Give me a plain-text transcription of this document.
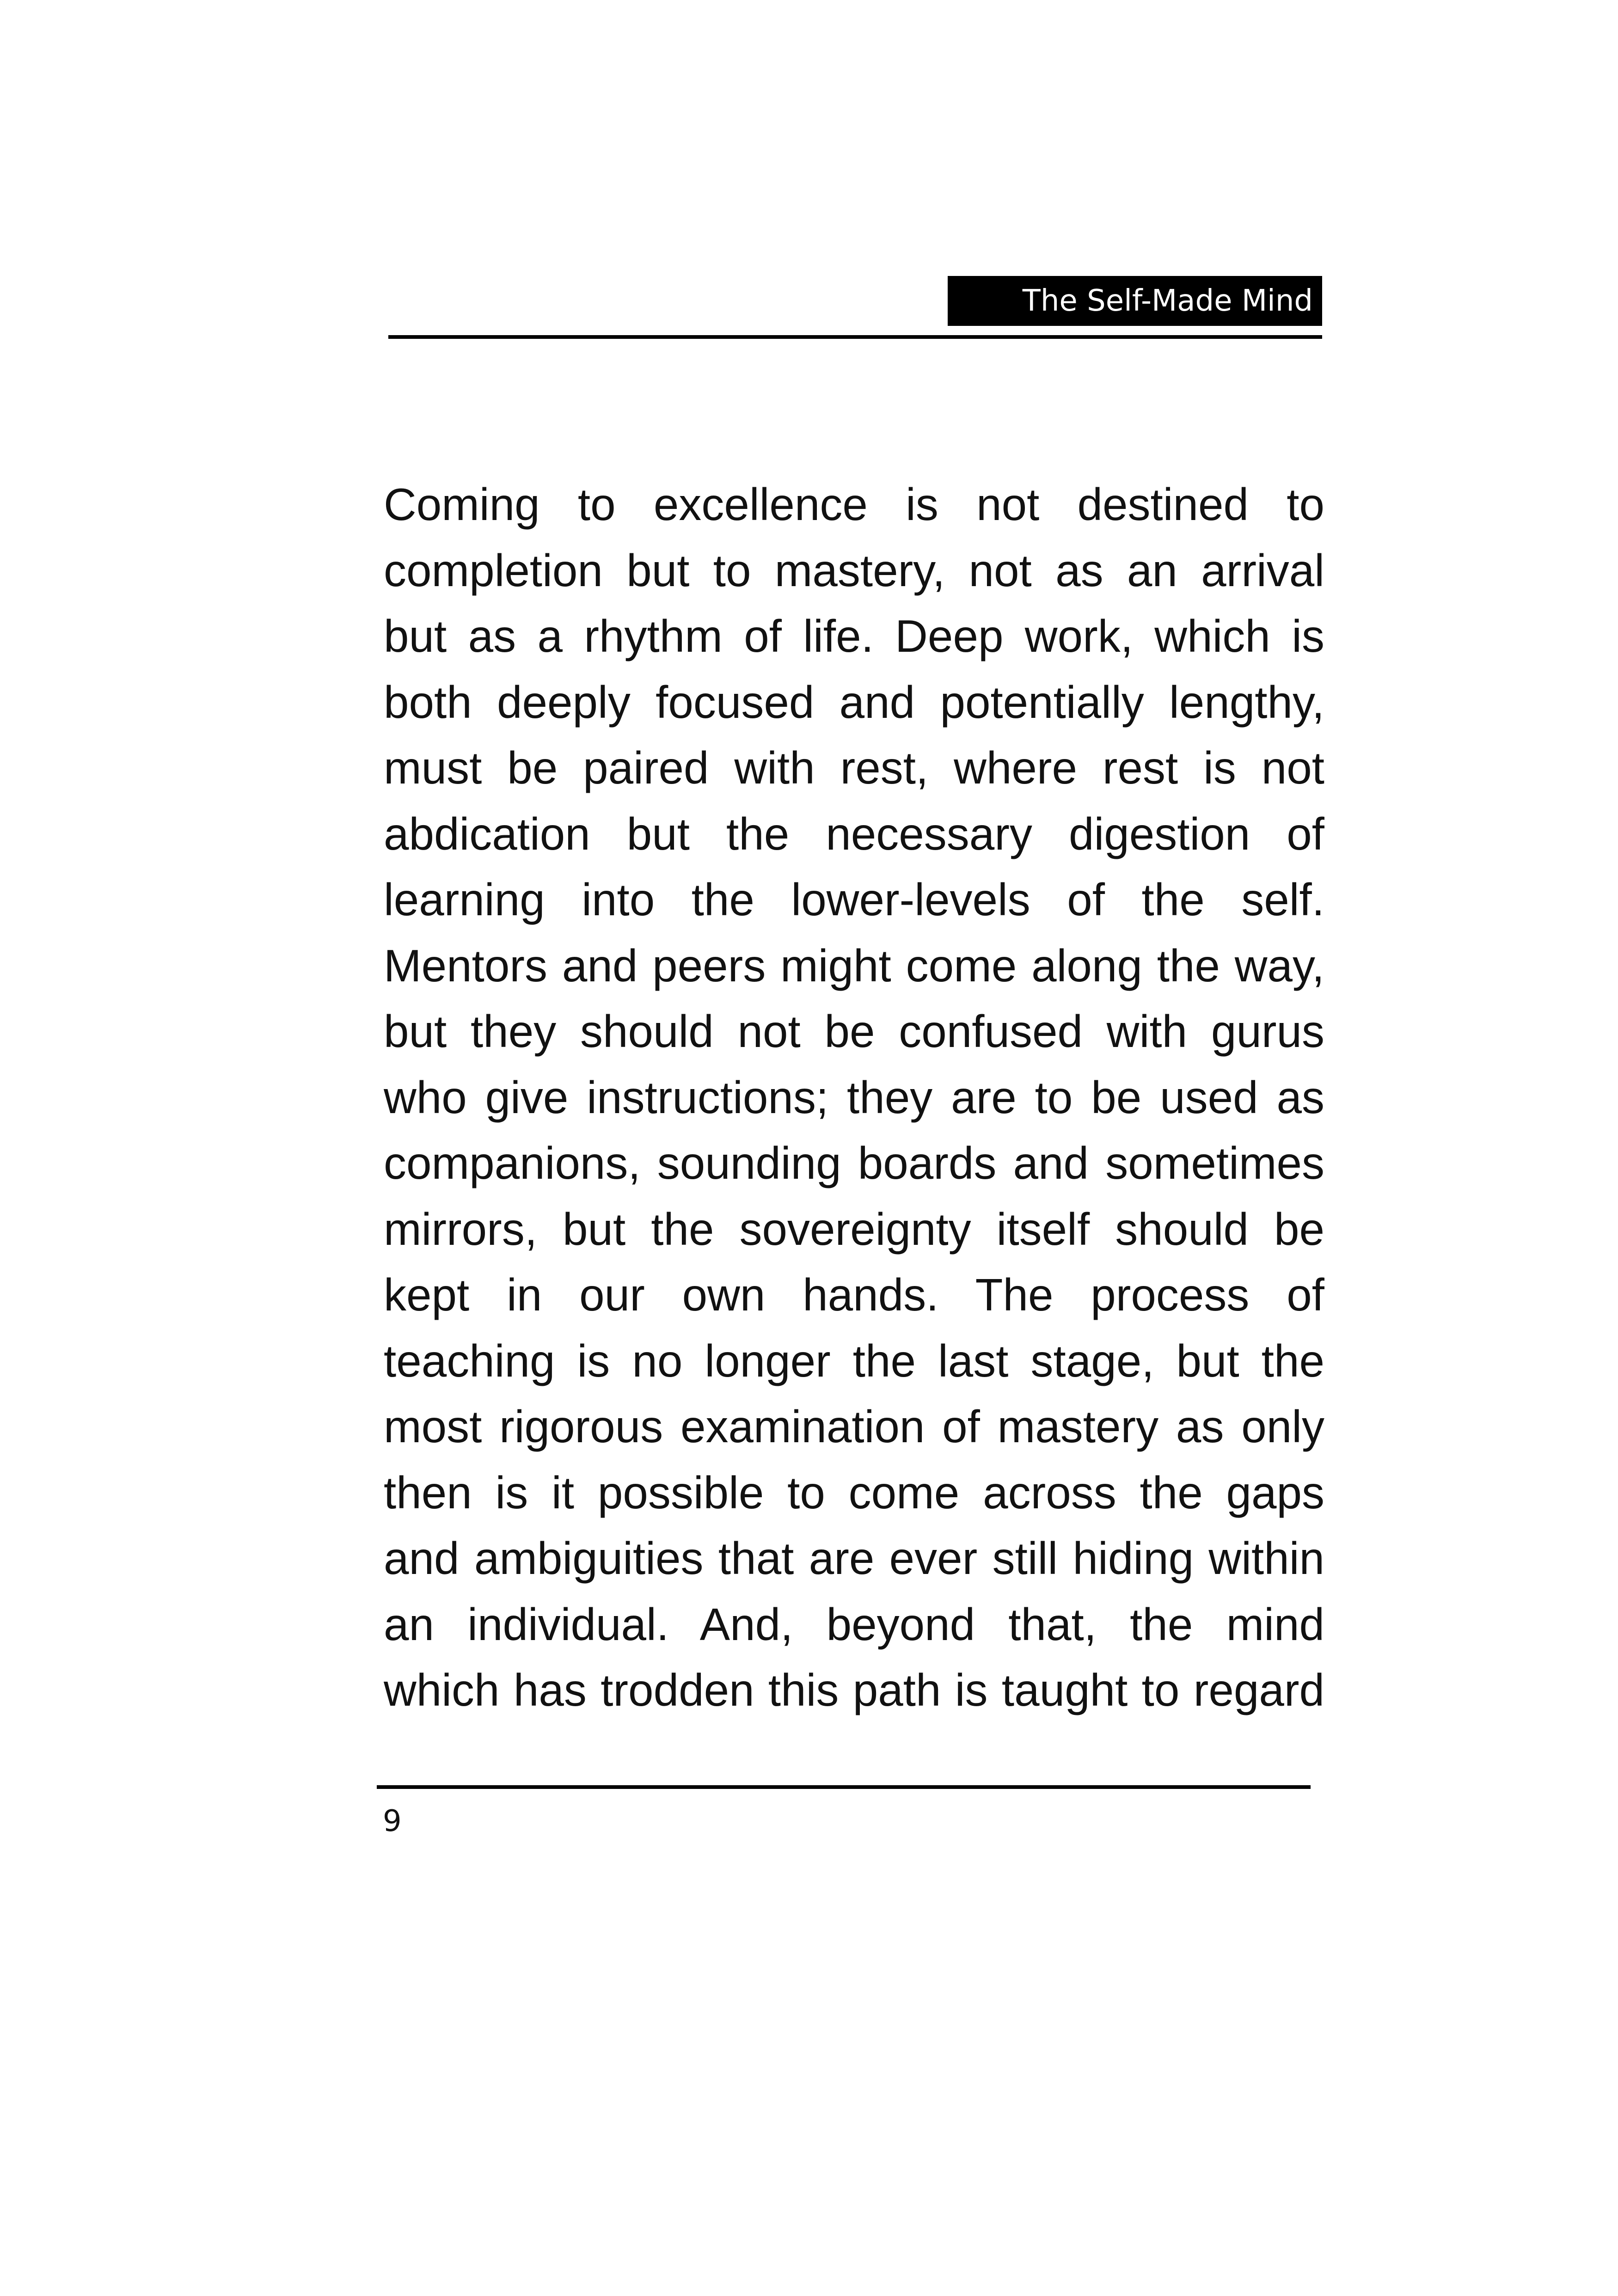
The Self-Made Mind
Coming to excellence is not destined to
completion but to mastery, not as an arrival
but as a rhythm of life. Deep work, which is
both deeply focused and potentially lengthy,
must be paired with rest, where rest is not
abdication but the necessary digestion of
learning into the lower-levels of the self.
Mentors and peers might come along the way,
but they should not be confused with gurus
who give instructions; they are to be used as
companions, sounding boards and sometimes
mirrors, but the sovereignty itself should be
kept in our own hands. The process of
teaching is no longer the last stage, but the
most rigorous examination of mastery as only
then is it possible to come across the gaps
and ambiguities that are ever still hiding within
an individual. And, beyond that, the mind
which has trodden this path is taught to regard
9
